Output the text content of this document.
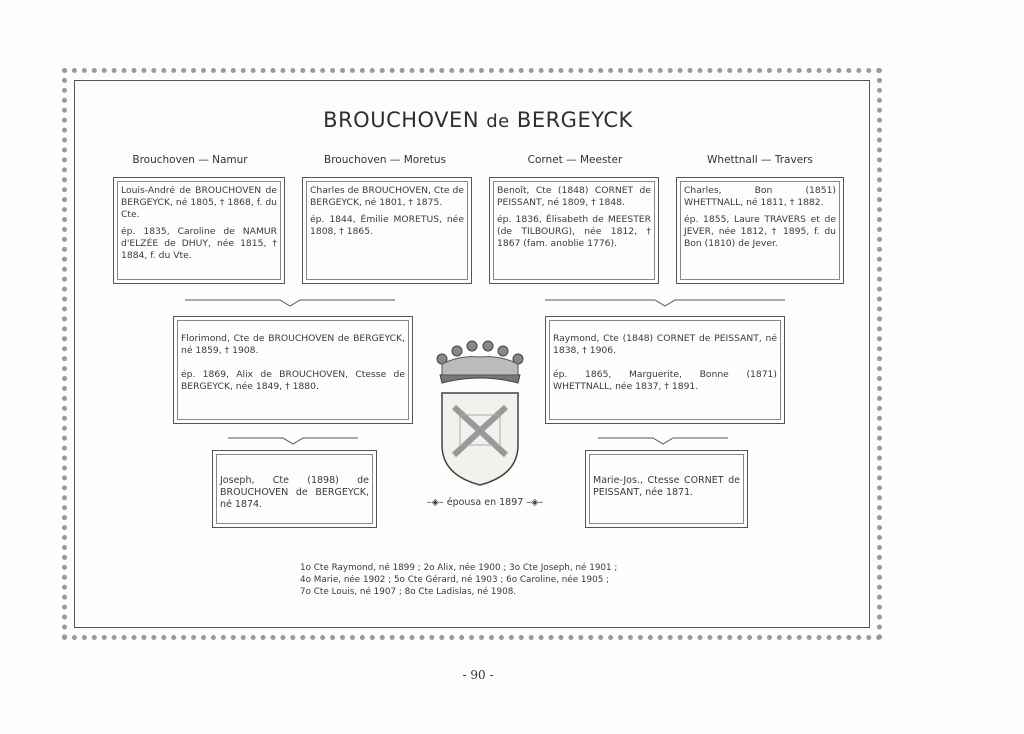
BROUCHOVEN de BERGEYCK
Brouchoven — Namur	Brouchoven — Moretus	Cornet — Meester	Whettnall — Travers

Louis-André de BROUCHOVEN de BERGEYCK, né 1805, † 1868, f. du Cte.

ép. 1835, Caroline de NAMUR d'ELZÉE de DHUY, née 1815, † 1884, f. du Vte.

Charles de BROUCHOVEN, Cte de BERGEYCK, né 1801, † 1875.

ép. 1844, Émilie MORETUS, née 1808, † 1865.

Benoît, Cte (1848) CORNET de PEISSANT, né 1809, † 1848.

ép. 1836, Élisabeth de MEESTER (de TILBOURG), née 1812, † 1867 (fam. anoblie 1776).

Charles, Bon (1851) WHETTNALL, né 1811, † 1882.

ép. 1855, Laure TRAVERS et de JEVER, née 1812, † 1895, f. du Bon (1810) de Jever.

Florimond, Cte de BROUCHOVEN de BERGEYCK, né 1859, † 1908.

ép. 1869, Alix de BROUCHOVEN, Ctesse de BERGEYCK, née 1849, † 1880.

Raymond, Cte (1848) CORNET de PEISSANT, né 1838, † 1906.

ép. 1865, Marguerite, Bonne (1871) WHETTNALL, née 1837, † 1891.

Joseph, Cte (1898) de BROUCHOVEN de BERGEYCK, né 1874.

Marie-Jos., Ctesse CORNET de PEISSANT, née 1871.

–◈– épousa en 1897 –◈–

1o Cte Raymond, né 1899 ; 2o Alix, née 1900 ; 3o Cte Joseph, né 1901 ;

4o Marie, née 1902 ; 5o Cte Gérard, né 1903 ; 6o Caroline, née 1905 ;

7o Cte Louis, né 1907 ; 8o Cte Ladislas, né 1908.

- 90 -
